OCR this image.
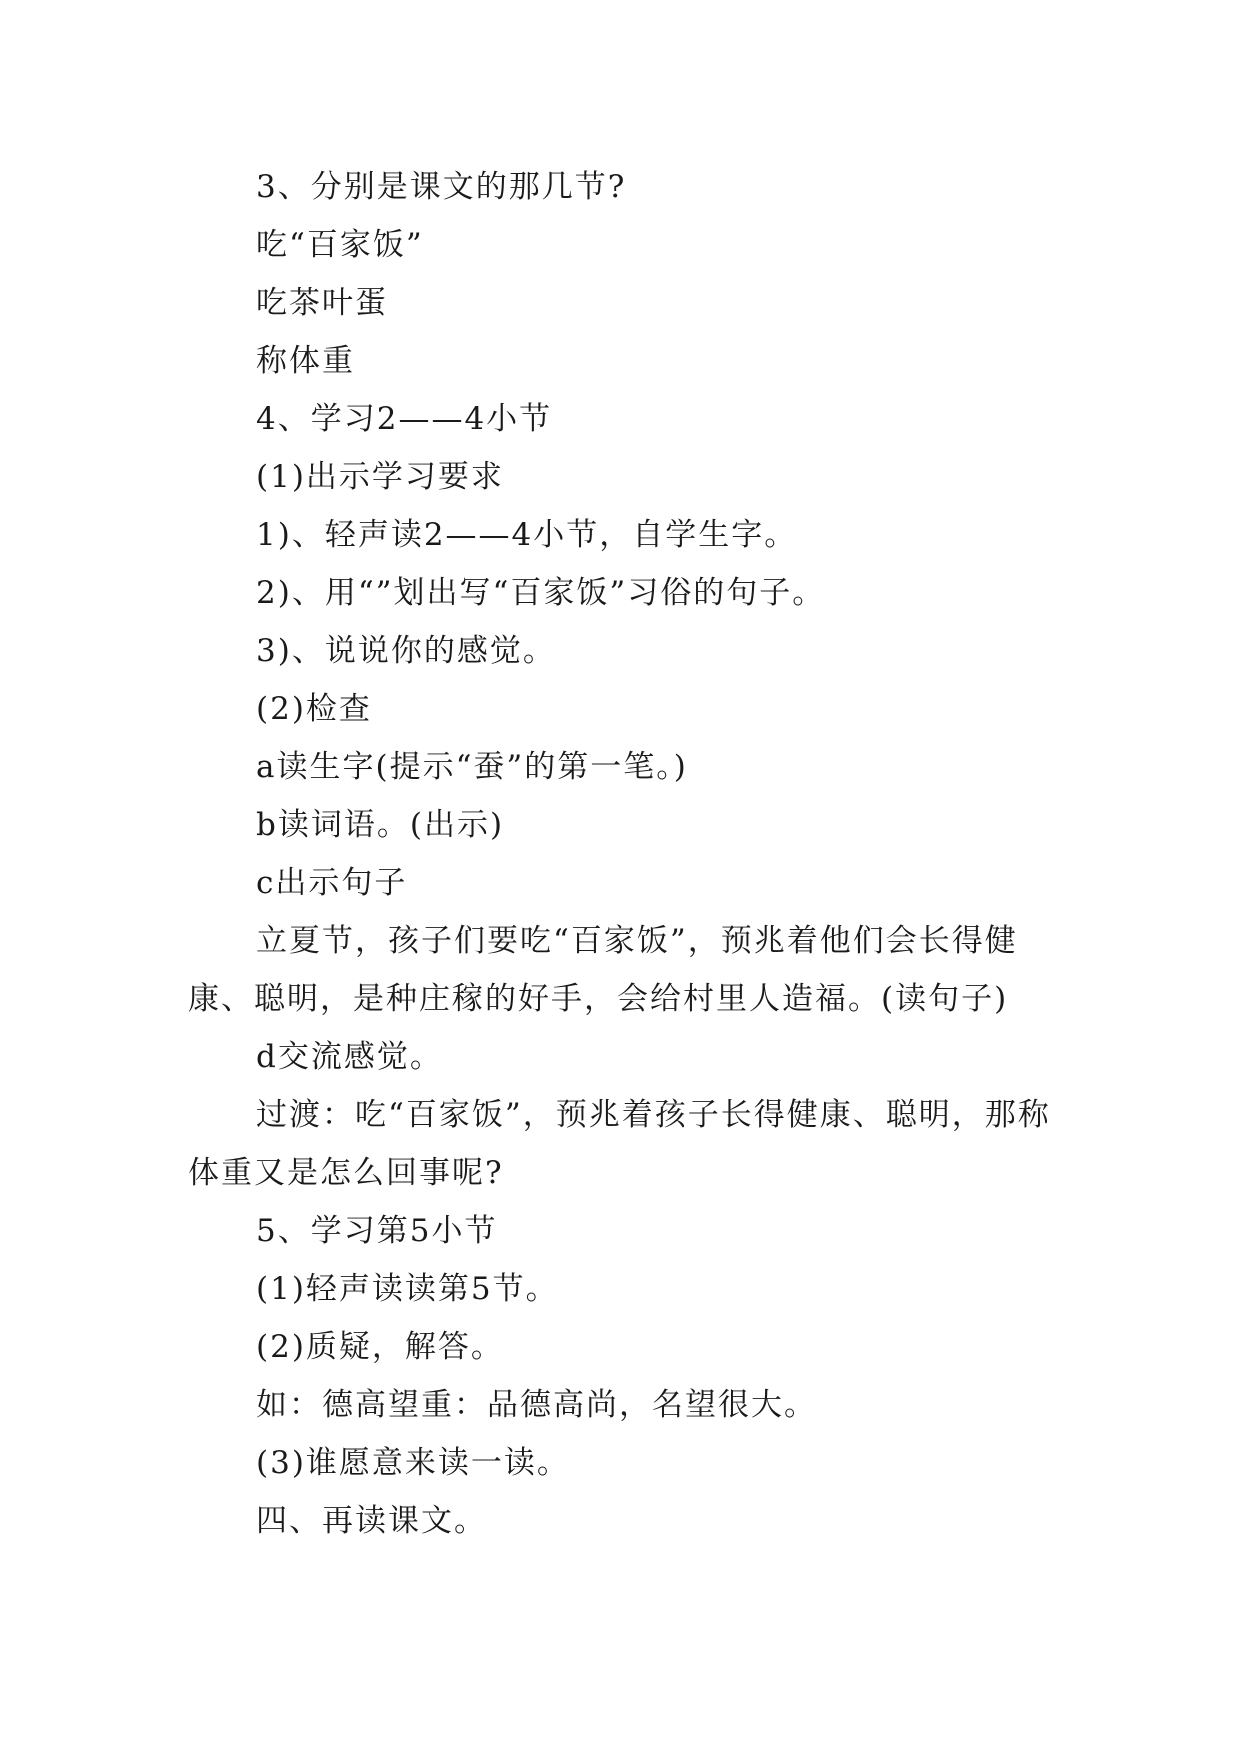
3、分别是课文的那几节?

吃“百家饭”

吃茶叶蛋

称体重

4、学习2——4小节

(1)出示学习要求

1)、轻声读2——4小节，自学生字。

2)、用“”划出写“百家饭”习俗的句子。

3)、说说你的感觉。

(2)检查

a读生字(提示“蚕”的第一笔。)

b读词语。(出示)

c出示句子

立夏节，孩子们要吃“百家饭”，预兆着他们会长得健康、聪明，是种庄稼的好手，会给村里人造福。(读句子)

d交流感觉。

过渡：吃“百家饭”，预兆着孩子长得健康、聪明，那称体重又是怎么回事呢?

5、学习第5小节

(1)轻声读读第5节。

(2)质疑，解答。

如：德高望重：品德高尚，名望很大。

(3)谁愿意来读一读。

四、再读课文。
